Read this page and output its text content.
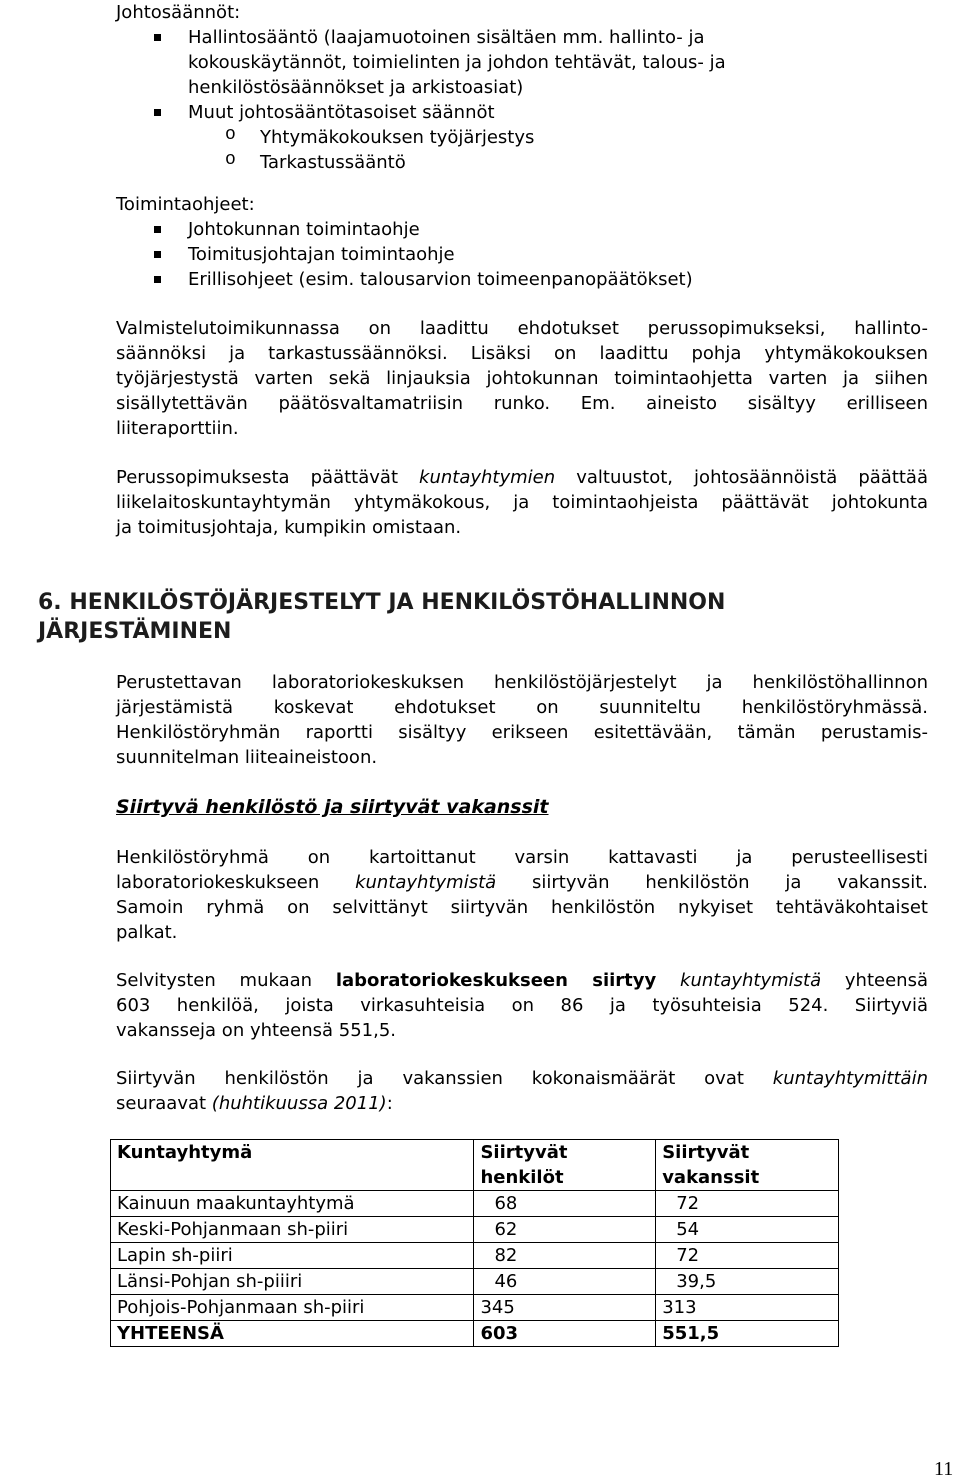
Johtosäännöt:

Hallintosääntö (laajamuotoinen sisältäen mm. hallinto- ja

kokouskäytännöt, toimielinten ja johdon tehtävät, talous- ja

henkilöstösäännökset ja arkistoasiat)

Muut johtosääntötasoiset säännöt

o Yhtymäkokouksen työjärjestys

o Tarkastussääntö

Toimintaohjeet:

Johtokunnan toimintaohje

Toimitusjohtajan toimintaohje

Erillisohjeet (esim. talousarvion toimeenpanopäätökset)

Valmistelutoimikunnassa on laadittu ehdotukset perussopimukseksi, hallinto-
säännöksi ja tarkastussäännöksi. Lisäksi on laadittu pohja yhtymäkokouksen
työjärjestystä varten sekä linjauksia johtokunnan toimintaohjetta varten ja siihen
sisällytettävän päätösvaltamatriisin runko. Em. aineisto sisältyy erilliseen
liiteraporttiin.
Perussopimuksesta päättävät kuntayhtymien valtuustot, johtosäännöistä päättää
liikelaitoskuntayhtymän yhtymäkokous, ja toimintaohjeista päättävät johtokunta
ja toimitusjohtaja, kumpikin omistaan.
6. HENKILÖSTÖJÄRJESTELYT JA HENKILÖSTÖHALLINNON
JÄRJESTÄMINEN
Perustettavan laboratoriokeskuksen henkilöstöjärjestelyt ja henkilöstöhallinnon
järjestämistä koskevat ehdotukset on suunniteltu henkilöstöryhmässä.
Henkilöstöryhmän raportti sisältyy erikseen esitettävään, tämän perustamis-
suunnitelman liiteaineistoon.
Siirtyvä henkilöstö ja siirtyvät vakanssit
Henkilöstöryhmä on kartoittanut varsin kattavasti ja perusteellisesti
laboratoriokeskukseen kuntayhtymistä siirtyvän henkilöstön ja vakanssit.
Samoin ryhmä on selvittänyt siirtyvän henkilöstön nykyiset tehtäväkohtaiset
palkat.
Selvitysten mukaan laboratoriokeskukseen siirtyy kuntayhtymistä yhteensä
603 henkilöä, joista virkasuhteisia on 86 ja työsuhteisia 524. Siirtyviä
vakansseja on yhteensä 551,5.
Siirtyvän henkilöstön ja vakanssien kokonaismäärät ovat kuntayhtymittäin
seuraavat (huhtikuussa 2011):
Kuntayhtymä	Siirtyvät henkilöt	Siirtyvät vakanssit
Kainuun maakuntayhtymä	68	72
Keski-Pohjanmaan sh-piiri	62	54
Lapin sh-piiri	82	72
Länsi-Pohjan sh-piiiri	46	39,5
Pohjois-Pohjanmaan sh-piiri	345	313
YHTEENSÄ	603	551,5
11
